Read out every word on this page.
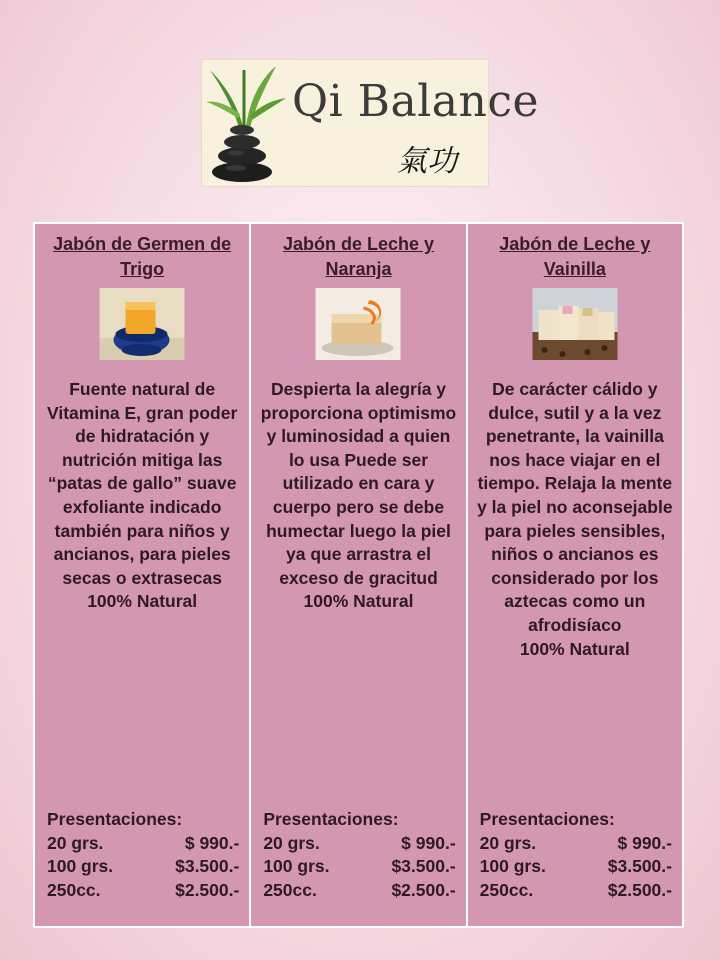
Qi Balance
氣功
Jabón de Germen de Trigo

Fuente natural de Vitamina E, gran poder de hidratación y nutrición mitiga las “patas de gallo” suave exfoliante indicado también para niños y ancianos, para pieles secas o extrasecas 100% Natural

Presentaciones:
20 grs.	$ 990.-
100 grs.	$3.500.-
250cc.	$2.500.-
Jabón de Leche y Naranja

Despierta la alegría y proporciona optimismo y luminosidad a quien lo usa Puede ser utilizado en cara y cuerpo pero se debe humectar luego la piel ya que arrastra el exceso de gracitud
100% Natural

Presentaciones:
20 grs.	$ 990.-
100 grs.	$3.500.-
250cc.	$2.500.-
Jabón de Leche y Vainilla

De carácter cálido y dulce, sutil y a la vez penetrante, la vainilla nos hace viajar en el tiempo. Relaja la mente y la piel no aconsejable para pieles sensibles, niños o ancianos es considerado por los aztecas como un afrodisíaco
100% Natural

Presentaciones:
20 grs.	$ 990.-
100 grs.	$3.500.-
250cc.	$2.500.-
